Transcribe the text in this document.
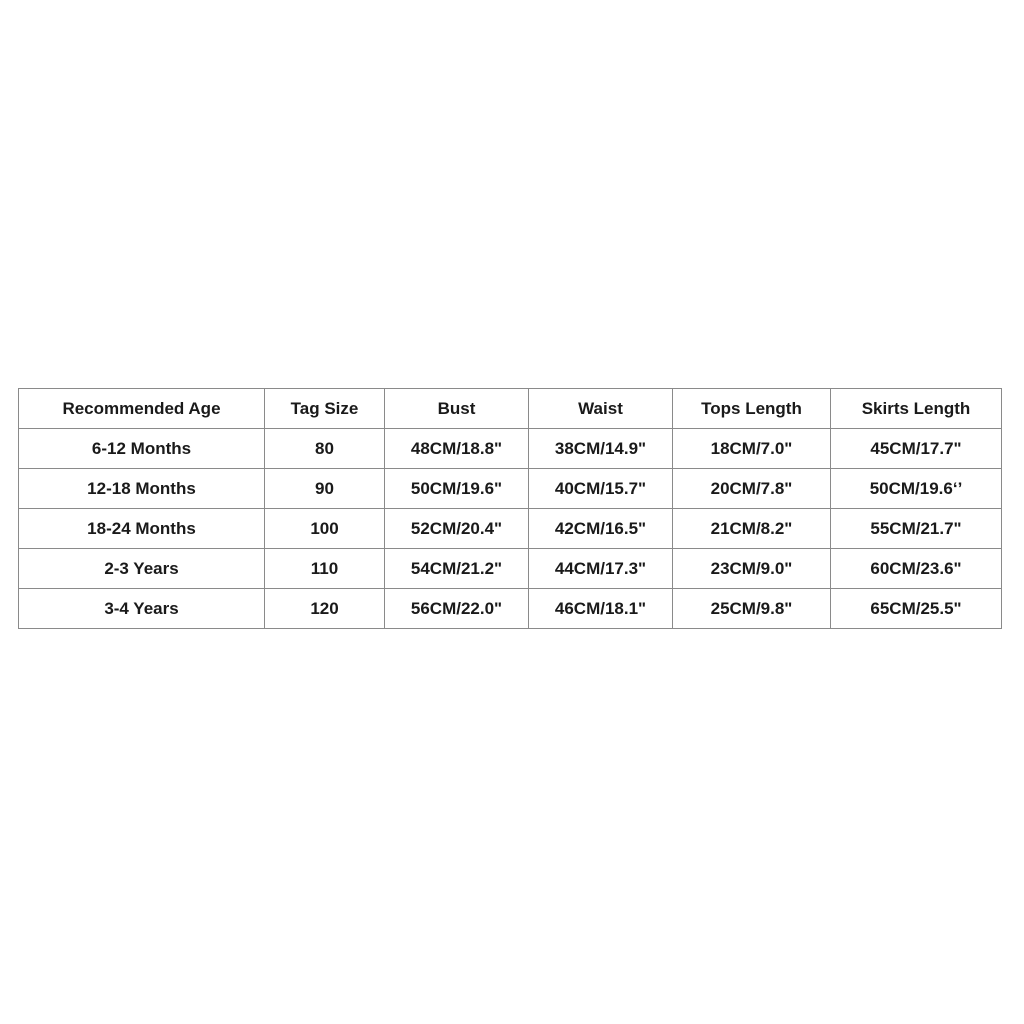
Recommended Age	Tag Size	Bust	Waist	Tops Length	Skirts Length
6-12 Months	80	48CM/18.8"	38CM/14.9"	18CM/7.0"	45CM/17.7"
12-18 Months	90	50CM/19.6"	40CM/15.7"	20CM/7.8"	50CM/19.6‘’
18-24 Months	100	52CM/20.4"	42CM/16.5"	21CM/8.2"	55CM/21.7"
2-3 Years	110	54CM/21.2"	44CM/17.3"	23CM/9.0"	60CM/23.6"
3-4 Years	120	56CM/22.0"	46CM/18.1"	25CM/9.8"	65CM/25.5"
